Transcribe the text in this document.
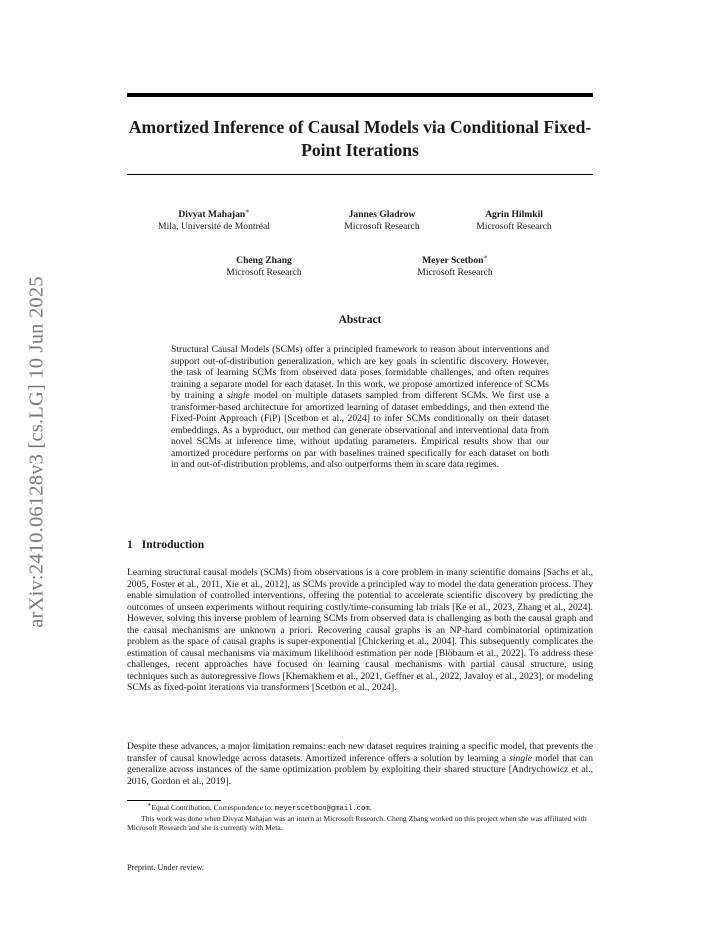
arXiv:2410.06128v3 [cs.LG] 10 Jun 2025
Amortized Inference of Causal Models via Conditional Fixed-Point Iterations
Divyat Mahajan∗
Mila, Université de Montréal
Jannes Gladrow
Microsoft Research
Agrin Hilmkil
Microsoft Research
Cheng Zhang
Microsoft Research
Meyer Scetbon∗
Microsoft Research
Abstract

Structural Causal Models (SCMs) offer a principled framework to reason about interventions and support out-of-distribution generalization, which are key goals in scientific discovery. However, the task of learning SCMs from observed data poses formidable challenges, and often requires training a separate model for each dataset. In this work, we propose amortized inference of SCMs by training a single model on multiple datasets sampled from different SCMs. We first use a transformer-based architecture for amortized learning of dataset embeddings, and then extend the Fixed-Point Approach (FiP) [Scetbon et al., 2024] to infer SCMs conditionally on their dataset embeddings. As a byproduct, our method can generate observational and interventional data from novel SCMs at inference time, without updating parameters. Empirical results show that our amortized procedure performs on par with baselines trained specifically for each dataset on both in and out-of-distribution problems, and also outperforms them in scare data regimes.

1 Introduction

Learning structural causal models (SCMs) from observations is a core problem in many scientific domains [Sachs et al., 2005, Foster et al., 2011, Xie et al., 2012], as SCMs provide a principled way to model the data generation process. They enable simulation of controlled interventions, offering the potential to accelerate scientific discovery by predicting the outcomes of unseen experiments without requiring costly/time-consuming lab trials [Ke et al., 2023, Zhang et al., 2024]. However, solving this inverse problem of learning SCMs from observed data is challenging as both the causal graph and the causal mechanisms are unknown a priori. Recovering causal graphs is an NP-hard combinatorial optimization problem as the space of causal graphs is super-exponential [Chickering et al., 2004]. This subsequently complicates the estimation of causal mechanisms via maximum likelihood estimation per node [Blöbaum et al., 2022]. To address these challenges, recent approaches have focused on learning causal mechanisms with partial causal structure, using techniques such as autoregressive flows [Khemakhem et al., 2021, Geffner et al., 2022, Javaloy et al., 2023], or modeling SCMs as fixed-point iterations via transformers [Scetbon et al., 2024].

Despite these advances, a major limitation remains: each new dataset requires training a specific model, that prevents the transfer of causal knowledge across datasets. Amortized inference offers a solution by learning a single model that can generalize across instances of the same optimization problem by exploiting their shared structure [Andrychowicz et al., 2016, Gordon et al., 2019].

∗Equal Contribution. Correspondence to: meyerscetbon@gmail.com.

This work was done when Divyat Mahajan was an intern at Microsoft Research. Cheng Zhang worked on this project when she was affiliated with Microsoft Research and she is currently with Meta.

Preprint. Under review.
